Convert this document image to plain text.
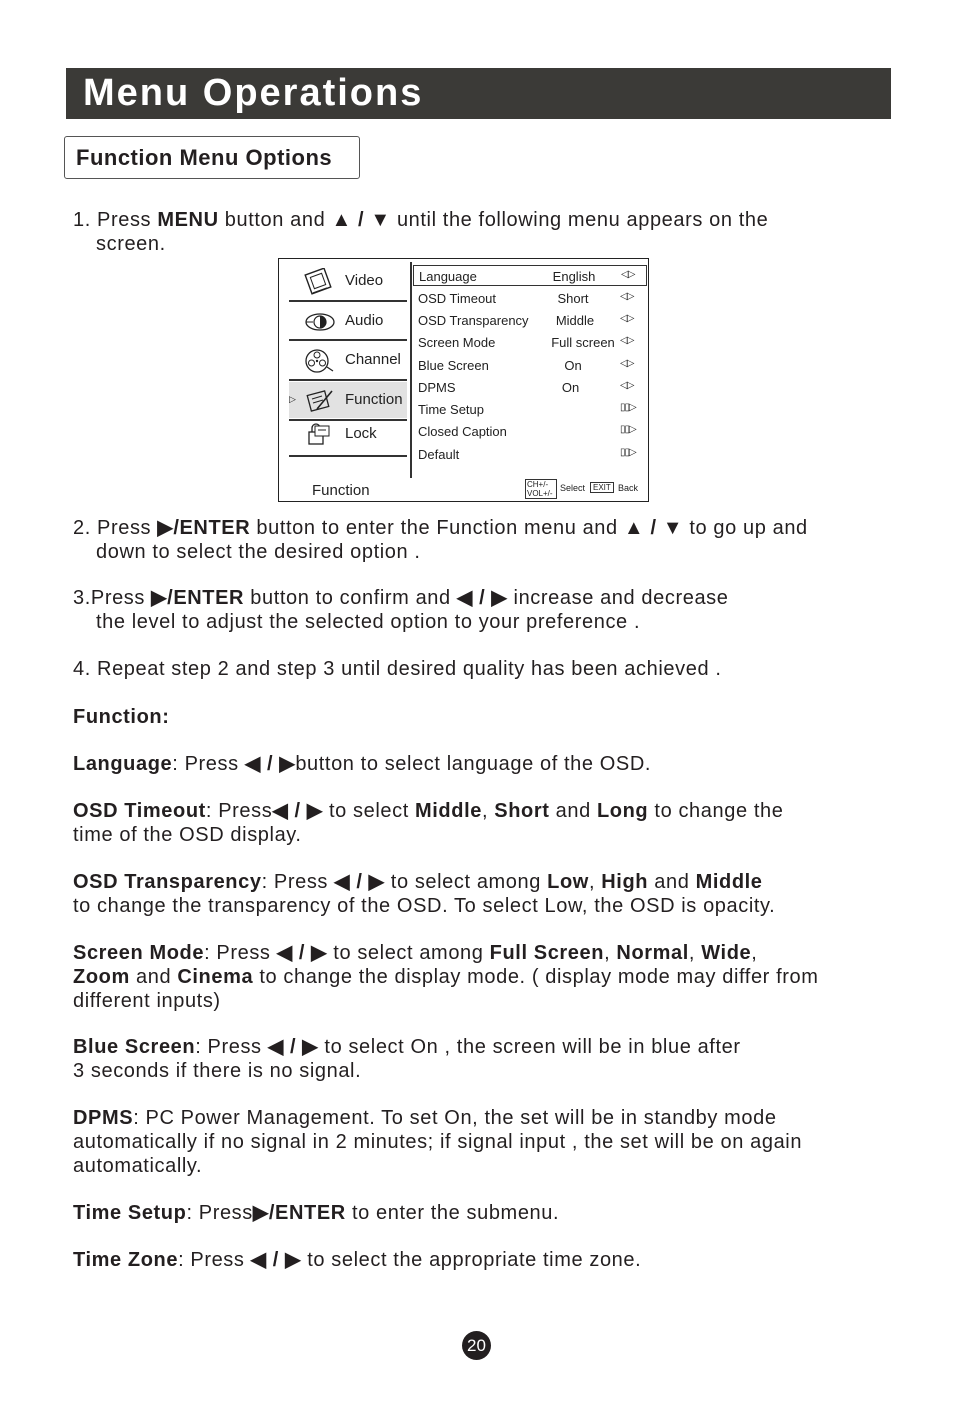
Menu Operations
Function Menu Options
1. Press MENU button and ▲ / ▼ until the following menu appears on the
screen.
Video
Audio
Channel
▷	Function
Lock
Language	English	◁▷
OSD Timeout	Short	◁▷
OSD Transparency	Middle	◁▷
Screen Mode	Full screen ◁▷
Blue Screen	On	◁▷
DPMS	On	◁▷
Time Setup	▯▯▷
Closed Caption	▯▯▷
Default	▯▯▷
Function	CH+/- VOL+/-
Select EXIT Back
2. Press ▶/ENTER button to enter the Function menu and ▲ / ▼ to go up and
down to select the desired option .
3.Press ▶/ENTER button to confirm and ◀ / ▶ increase and decrease
the level to adjust the selected option to your preference .
4. Repeat step 2 and step 3 until desired quality has been achieved .
Function:
Language: Press ◀ / ▶button to select language of the OSD.
OSD Timeout: Press◀ / ▶ to select Middle, Short and Long to change the
time of the OSD display.
OSD Transparency: Press ◀ / ▶ to select among Low, High and Middle
to change the transparency of the OSD. To select Low, the OSD is opacity.
Screen Mode: Press ◀ / ▶ to select among Full Screen, Normal, Wide,
Zoom and Cinema to change the display mode. ( display mode may differ from
different inputs)
Blue Screen: Press ◀ / ▶ to select On , the screen will be in blue after
3 seconds if there is no signal.
DPMS: PC Power Management. To set On, the set will be in standby mode
automatically if no signal in 2 minutes; if signal input , the set will be on again
automatically.
Time Setup: Press▶/ENTER to enter the submenu.
Time Zone: Press ◀ / ▶ to select the appropriate time zone.
20
